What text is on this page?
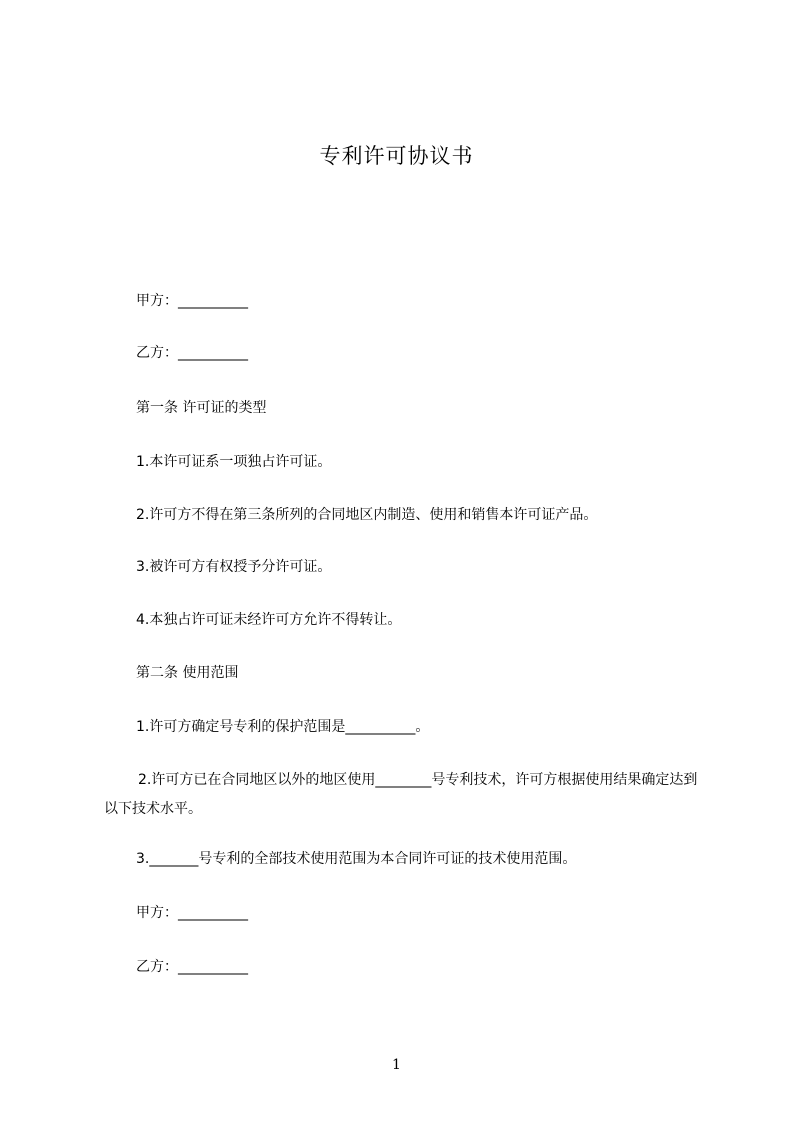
专利许可协议书
甲方：__________
乙方：__________
第一条 许可证的类型
1.本许可证系一项独占许可证。
2.许可方不得在第三条所列的合同地区内制造、使用和销售本许可证产品。
3.被许可方有权授予分许可证。
4.本独占许可证未经许可方允许不得转让。
第二条 使用范围
1.许可方确定号专利的保护范围是__________。
2.许可方已在合同地区以外的地区使用________号专利技术，许可方根据使用结果确定达到以下技术水平。
3._______号专利的全部技术使用范围为本合同许可证的技术使用范围。
甲方：__________
乙方：__________
1
